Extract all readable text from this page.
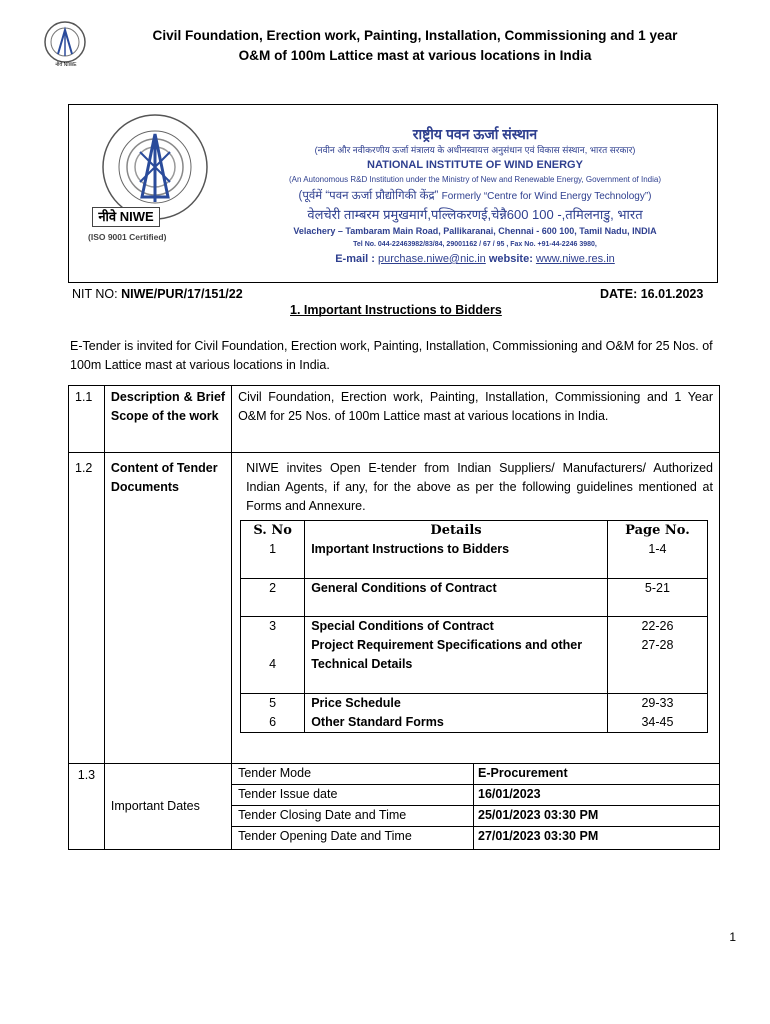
नीवे NIWE
Civil Foundation, Erection work, Painting, Installation, Commissioning and 1 year
O&M of 100m Lattice mast at various locations in India
नीवे NIWE
(ISO 9001 Certified)
राष्ट्रीय पवन ऊर्जा संस्थान
(नवीन और नवीकरणीय ऊर्जा मंत्रालय के अधीनस्वायत्त अनुसंधान एवं विकास संस्थान, भारत सरकार)
NATIONAL INSTITUTE OF WIND ENERGY
(An Autonomous R&D Institution under the Ministry of New and Renewable Energy, Government of India)
(पूर्वमें “पवन ऊर्जा प्रौद्योगिकी केंद्र” Formerly “Centre for Wind Energy Technology”)
वेलचेरी ताम्बरम प्रमुखमार्ग,पल्लिकरणई,चेन्नै600 100 -,तमिलनाडु, भारत
Velachery – Tambaram Main Road, Pallikaranai, Chennai - 600 100, Tamil Nadu, INDIA
Tel No. 044-22463982/83/84, 29001162 / 67 / 95 , Fax No. +91-44-2246 3980,
E-mail : purchase.niwe@nic.in website: www.niwe.res.in
NIT NO: NIWE/PUR/17/151/22	DATE: 16.01.2023
1. Important Instructions to Bidders
E-Tender is invited for Civil Foundation, Erection work, Painting, Installation, Commissioning and O&M for 25 Nos. of 100m Lattice mast at various locations in India.
1.1	Description & Brief Scope of the work	Civil Foundation, Erection work, Painting, Installation, Commissioning and 1 Year O&M for 25 Nos. of 100m Lattice mast at various locations in India.
1.2	Content of Tender Documents	
NIWE invites Open E-tender from Indian Suppliers/ Manufacturers/ Authorized Indian Agents, if any, for the above as per the following guidelines mentioned at Forms and Annexure.
S. No	Details	Page No.
1	Important Instructions to Bidders	1-4
2	General Conditions of Contract	5-21
3	Special Conditions of Contract	22-26
4	Project Requirement Specifications and other Technical Details	27-28
5	Price Schedule	29-33
6	Other Standard Forms	34-45

1.3	Important Dates	Tender Mode	E-Procurement
Tender Issue date	16/01/2023
Tender Closing Date and Time	25/01/2023 03:30 PM
Tender Opening Date and Time	27/01/2023 03:30 PM
1
